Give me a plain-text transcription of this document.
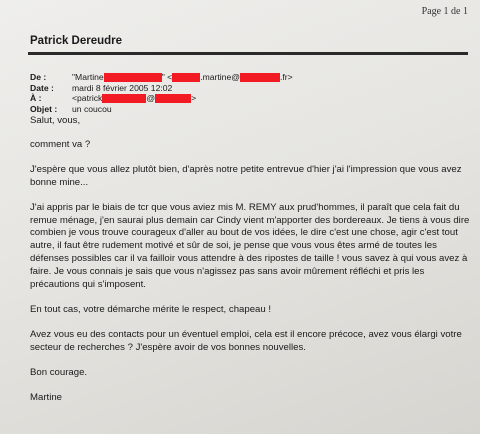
Page 1 de 1
Patrick Dereudre
De :	"Martine	" <	.martine@	.fr>
Date :	mardi 8 février 2005 12:02
À :	<patrick	@	>
Objet :	un coucou

Salut, vous,

comment va ?

J'espère que vous allez plutôt bien, d'après notre petite entrevue d'hier j'ai l'impression que vous avez bonne mine...

J'ai appris par le biais de tcr que vous aviez mis M. REMY aux prud'hommes, il paraît que cela fait du remue ménage, j'en saurai plus demain car Cindy vient m'apporter des bordereaux. Je tiens à vous dire combien je vous trouve courageux d'aller au bout de vos idées, le dire c'est une chose, agir c'est tout autre, il faut être rudement motivé et sûr de soi, je pense que vous vous êtes armé de toutes les défenses possibles car il va failloir vous attendre à des ripostes de taille ! vous savez à qui vous avez à faire. Je vous connais je sais que vous n'agissez pas sans avoir mûrement réfléchi et pris les précautions qui s'imposent.

En tout cas, votre démarche mérite le respect, chapeau !

Avez vous eu des contacts pour un éventuel emploi, cela est il encore précoce, avez vous élargi votre secteur de recherches ? J'espère avoir de vos bonnes nouvelles.

Bon courage.

Martine
